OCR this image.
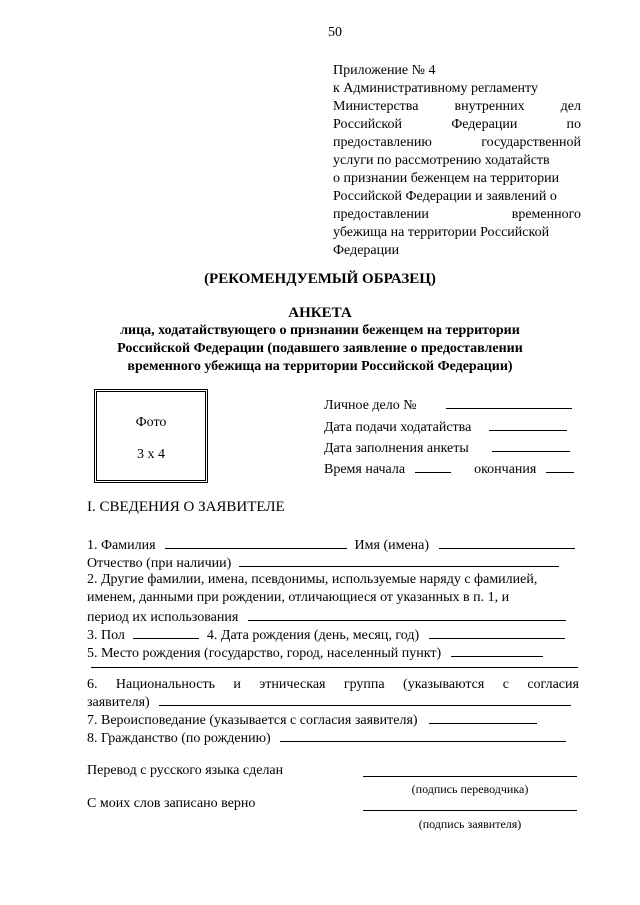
50
Приложение № 4
к Административному регламенту
Министерства	внутренних	дел
Российской	Федерации	по
предоставлению	государственной
услуги по рассмотрению ходатайств
о признании беженцем на территории
Российской Федерации и заявлений о
предоставлении	временного
убежища на территории Российской
Федерации
(РЕКОМЕНДУЕМЫЙ ОБРАЗЕЦ)
АНКЕТА
лица, ходатайствующего о признании беженцем на территории
Российской Федерации (подавшего заявление о предоставлении
временного убежища на территории Российской Федерации)
Фото
3 х 4
Личное дело №
Дата подачи ходатайства
Дата заполнения анкеты
Время начала	окончания
I. СВЕДЕНИЯ О ЗАЯВИТЕЛЕ
1. Фамилия	Имя (имена)
Отчество (при наличии)
2. Другие фамилии, имена, псевдонимы, используемые наряду с фамилией,
именем, данными при рождении, отличающиеся от указанных в п. 1, и
период их использования
3. Пол	4. Дата рождения (день, месяц, год)
5. Место рождения (государство, город, населенный пункт)
6. Национальность и этническая группа (указываются с согласия
заявителя)
7. Вероисповедание (указывается с согласия заявителя)
8. Гражданство (по рождению)
Перевод с русского языка сделан
(подпись переводчика)
С моих слов записано верно
(подпись заявителя)
